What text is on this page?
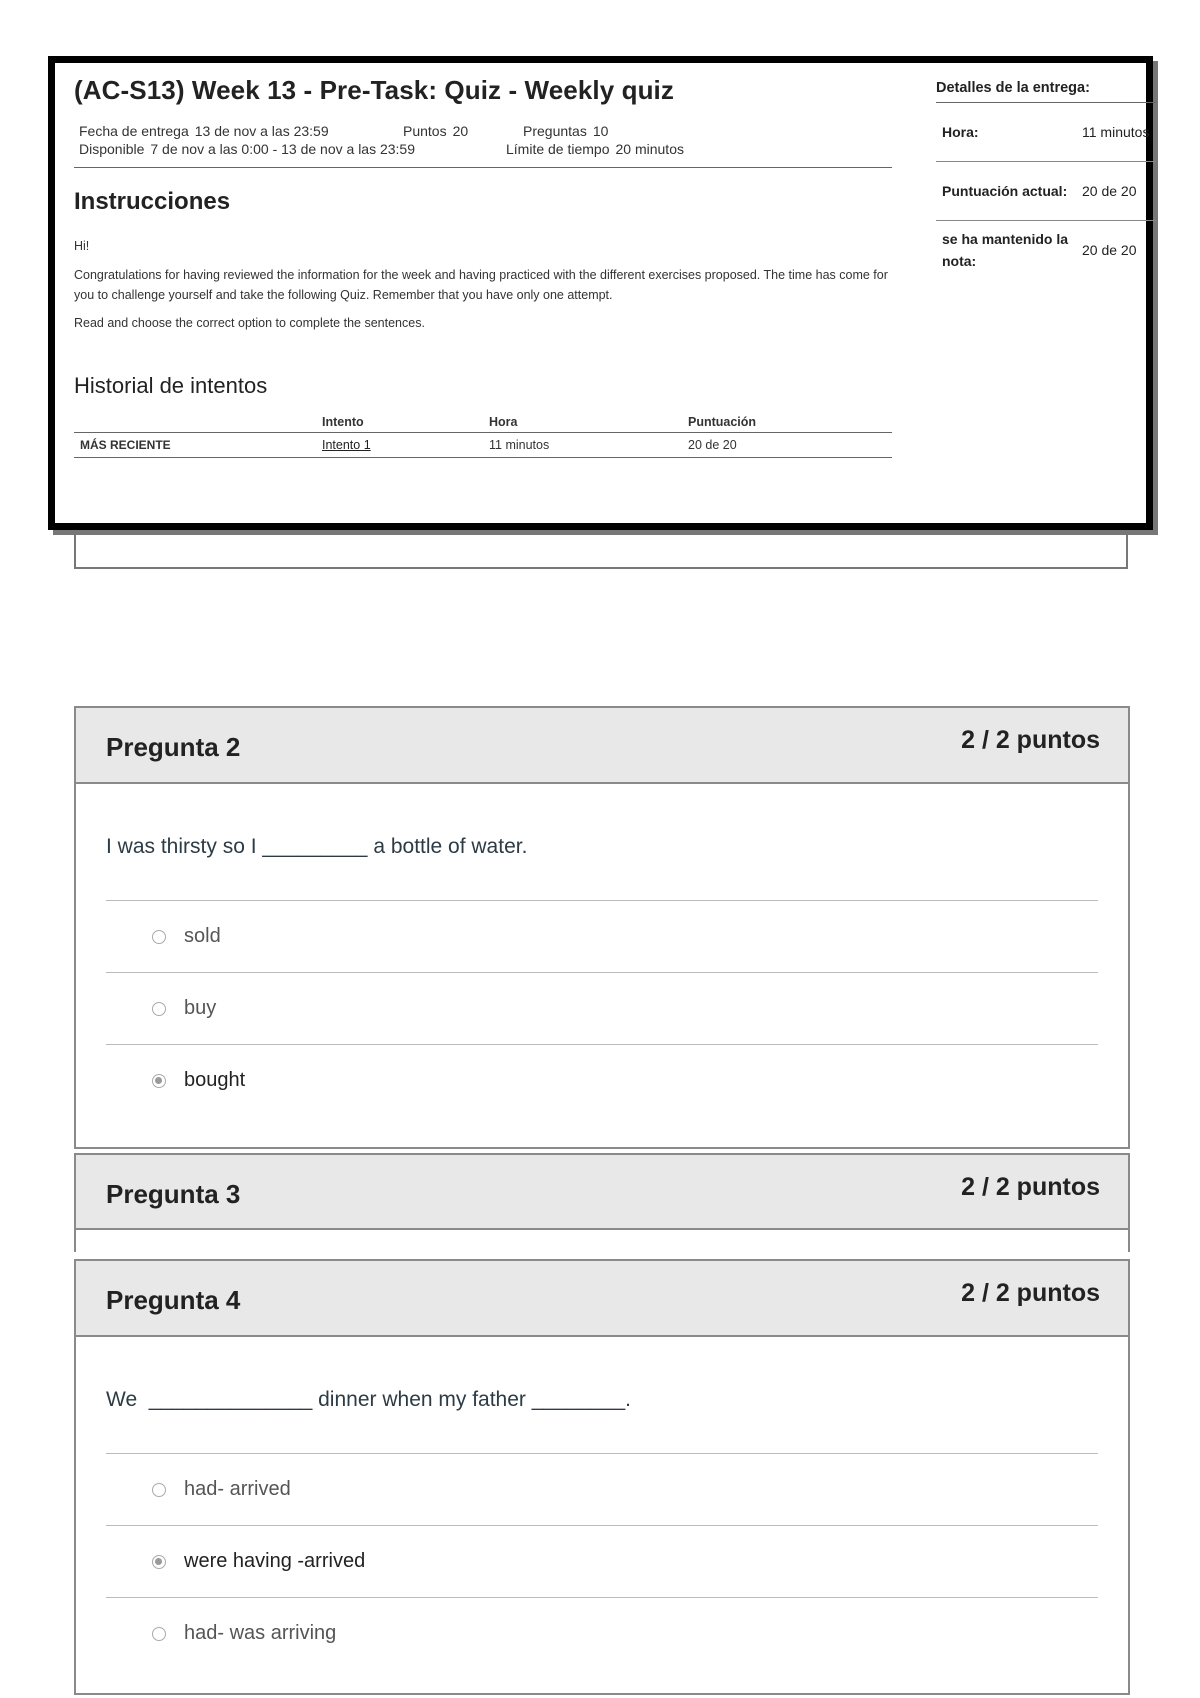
(AC-S13) Week 13 - Pre-Task: Quiz - Weekly quiz
Fecha de entrega 13 de nov a las 23:59	Puntos 20	Preguntas 10
Disponible 7 de nov a las 0:00 - 13 de nov a las 23:59	Límite de tiempo 20 minutos
Instrucciones

Hi!

Congratulations for having reviewed the information for the week and having practiced with the different exercises proposed. The time has come for you to challenge yourself and take the following Quiz. Remember that you have only one attempt.

Read and choose the correct option to complete the sentences.

Historial de intentos
	Intento	Hora	Puntuación
MÁS RECIENTE	Intento 1	11 minutos	20 de 20
Detalles de la entrega:
Hora:	11 minutos
Puntuación actual:	20 de 20
se ha mantenido la nota:
20 de 20
Pregunta 2	2 / 2 puntos

I was thirsty so I _________ a bottle of water.

sold
buy
bought
Pregunta 3	2 / 2 puntos
Pregunta 4	2 / 2 puntos

We  ______________ dinner when my father ________.

had- arrived
were having -arrived
had- was arriving
